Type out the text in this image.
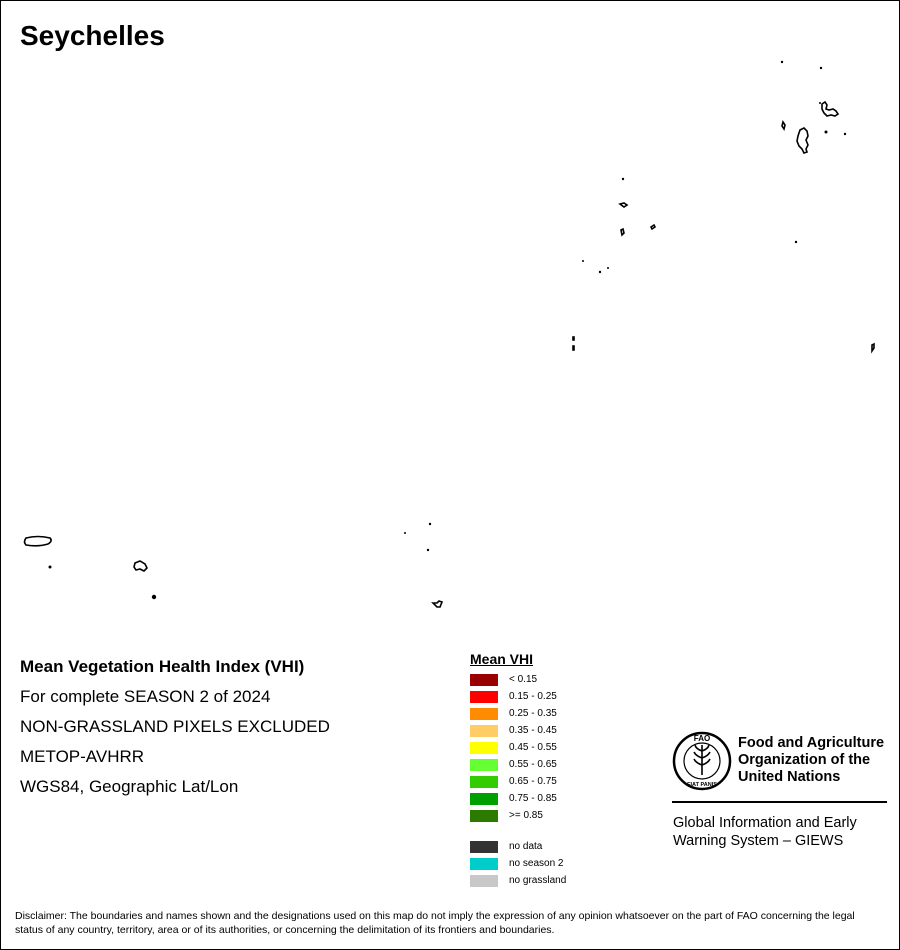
Seychelles
Mean Vegetation Health Index (VHI)
For complete SEASON 2 of 2024
NON-GRASSLAND PIXELS EXCLUDED
METOP-AVHRR
WGS84, Geographic Lat/Lon
Mean VHI
< 0.15
0.15 - 0.25
0.25 - 0.35
0.35 - 0.45
0.45 - 0.55
0.55 - 0.65
0.65 - 0.75
0.75 - 0.85
>= 0.85
no data
no season 2
no grassland
FAO
FIAT PANIS
Food and Agriculture
Organization of the
United Nations
Global Information and Early
Warning System – GIEWS
Disclaimer: The boundaries and names shown and the designations used on this map do not imply the expression of any opinion whatsoever on the part of FAO concerning the legal status of any country, territory, area or of its authorities, or concerning the delimitation of its frontiers and boundaries.
